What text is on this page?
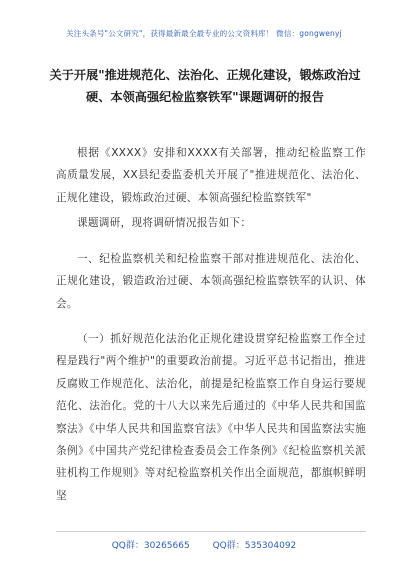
关注头条号"公文研究"，获得最新最全最专业的公文资料库！ 微信：gongwenyj
关于开展"推进规范化、法治化、正规化建设，锻炼政治过硬、本领高强纪检监察铁军"课题调研的报告
根据《XXXX》安排和XXXX有关部署，推动纪检监察工作高质量发展，XX县纪委监委机关开展了"推进规范化、法治化、正规化建设，锻炼政治过硬、本领高强纪检监察铁军"
课题调研，现将调研情况报告如下：
一、纪检监察机关和纪检监察干部对推进规范化、法治化、正规化建设，锻造政治过硬、本领高强纪检监察铁军的认识、体会。
（一）抓好规范化法治化正规化建设贯穿纪检监察工作全过程是践行"两个维护"的重要政治前提。习近平总书记指出，推进反腐败工作规范化、法治化，前提是纪检监察工作自身运行要规范化、法治化。党的十八大以来先后通过的《中华人民共和国监察法》《中华人民共和国监察官法》《中华人民共和国监察法实施条例》《中国共产党纪律检查委员会工作条例》《纪检监察机关派驻机构工作规则》等对纪检监察机关作出全面规范，都旗帜鲜明坚
QQ群：30265665	QQ群：535304092
